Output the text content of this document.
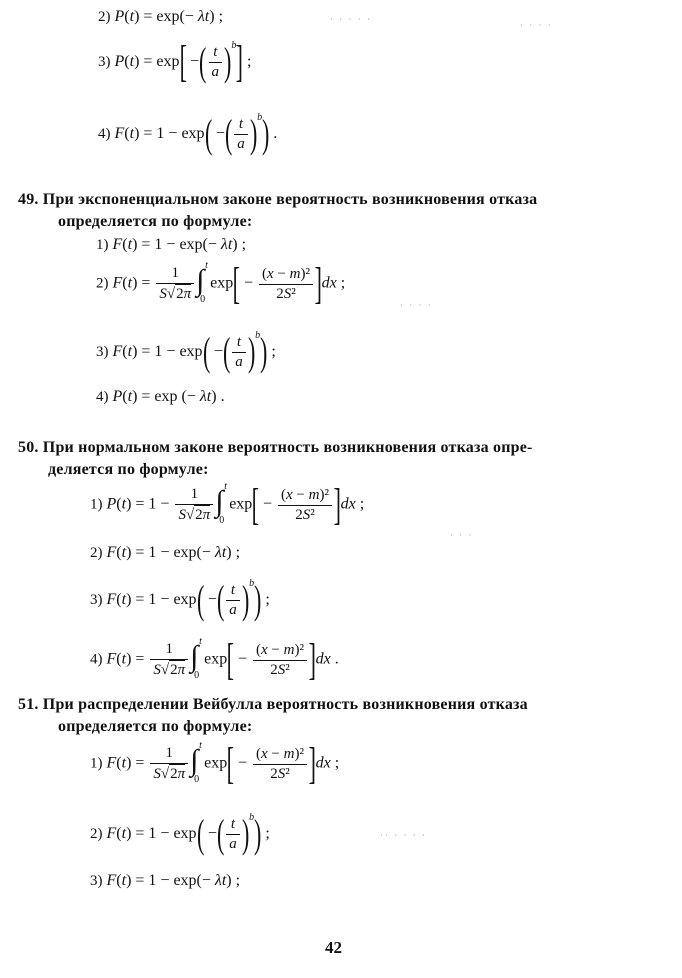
2) P(t) = exp(− λt) ;
3) P(t) = exp[ −( $\frac{t}{a} )^b$] ;
4) F(t) = 1 − exp( −( $\frac{t}{a} )^b$) .
49. При экспоненциальном законе вероятность возникновения отказа
определяется по формуле:
1) F(t) = 1 − exp(− λt) ;
2) $F(t) = \frac{1}{S√2\pi}$ ∫ t
0
$\exp[ - \frac{\text{(x − m)²}}{\text{2S²}} ]dx$ ;
3) F(t) = 1 − exp( −( $\frac{t}{a} )^b$) ;
4) P(t) = exp (− λt) .
50. При нормальном законе вероятность возникновения отказа опре-
деляется по формуле:
1) $P(t) = 1 - \frac{1}{S√2\pi}$ ∫ t
0
$\exp[ - \frac{\text{(x − m)²}}{\text{2S²}} ]dx$ ;
2) F(t) = 1 − exp(− λt) ;
3) F(t) = 1 − exp( −( $\frac{t}{a} )^b$) ;
4) $F(t) = \frac{1}{S√2\pi}$ ∫ t
0
$\exp[ - \frac{\text{(x − m)²}}{\text{2S²}} ]dx$ .
51. При распределении Вейбулла вероятность возникновения отказа
определяется по формуле:
1) $F(t) = \frac{1}{S√2\pi}$ ∫ t
0
$\exp[ - \frac{\text{(x − m)²}}{\text{2S²}} ]dx$ ;
2) F(t) = 1 − exp( −( $\frac{t}{a} )^b$) ;
3) F(t) = 1 − exp(− λt) ;
42
· · · · ·
· · · ·
· · · ·
· · ·
·· · · · ·
